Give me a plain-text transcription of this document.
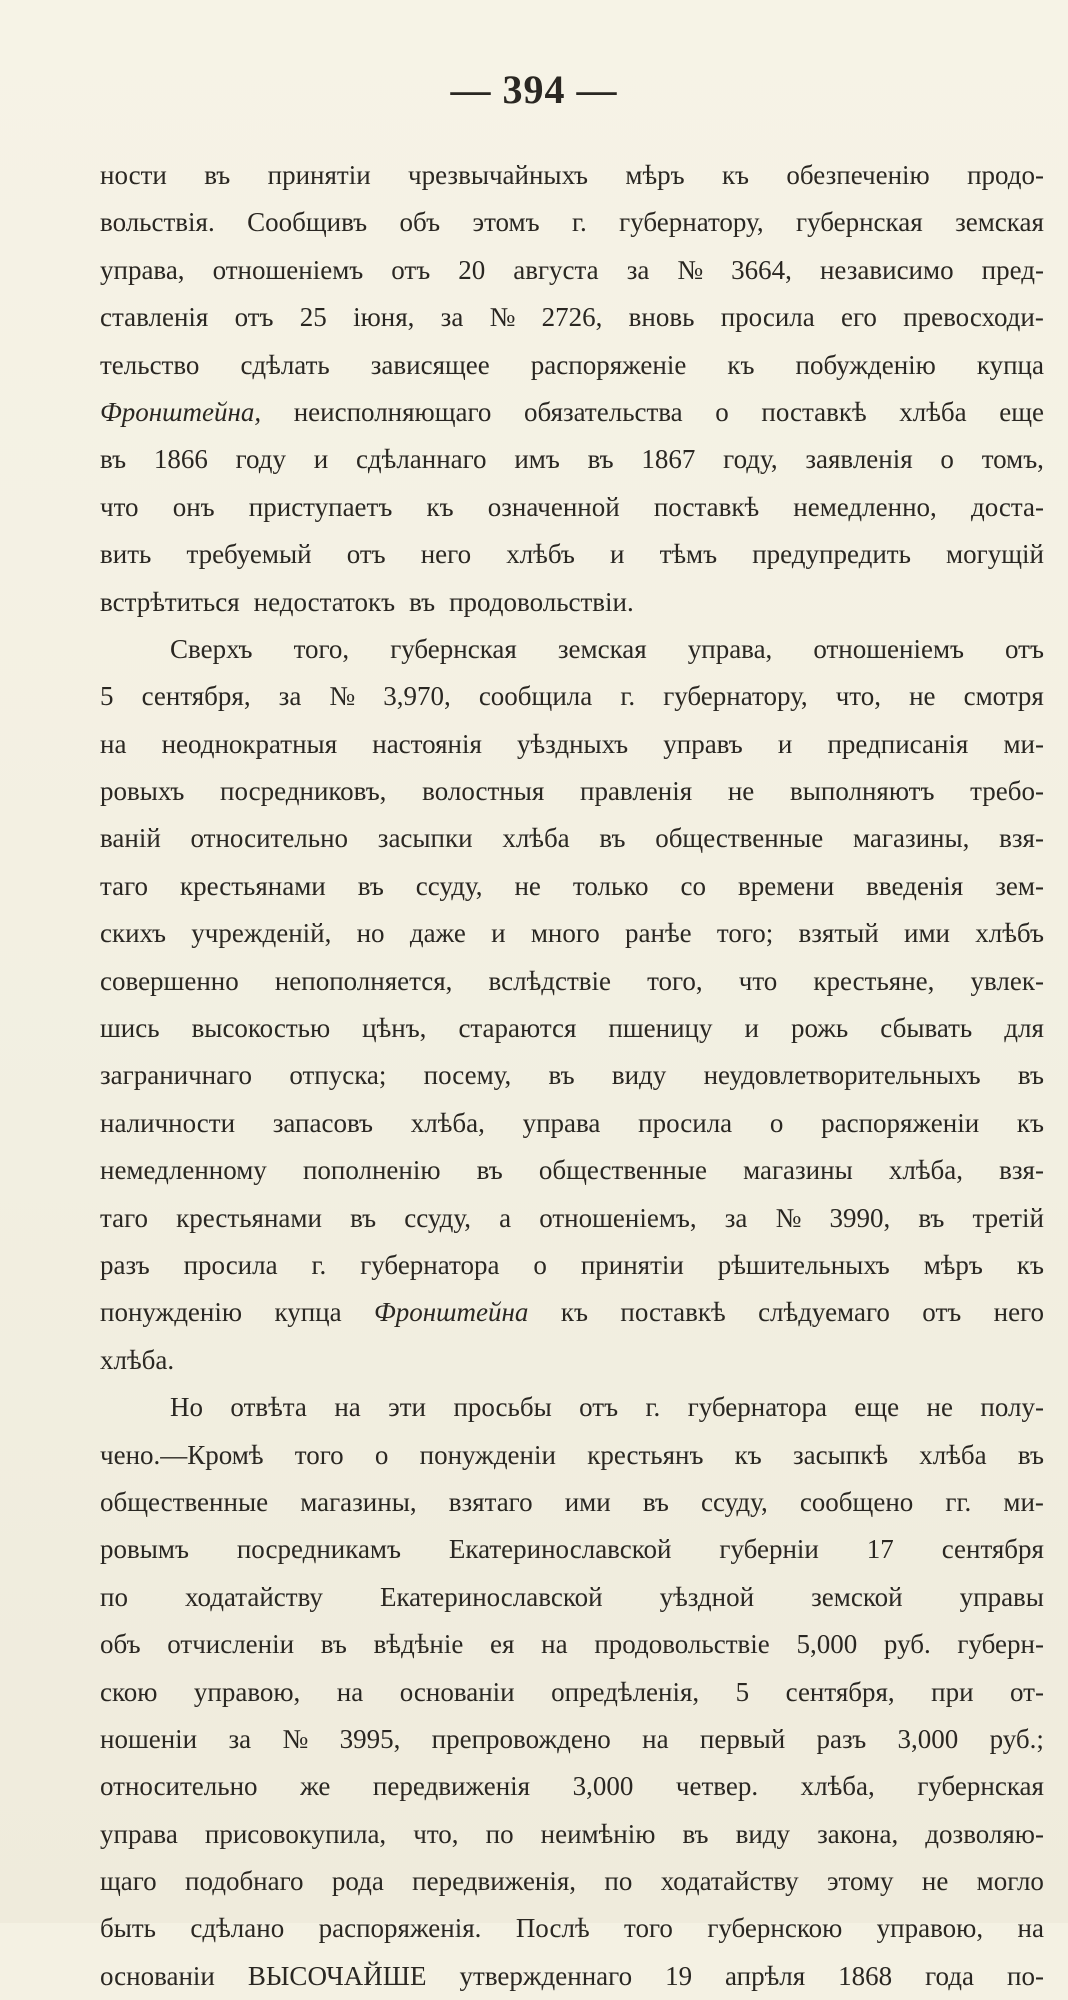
— 394 —
ности въ принятіи чрезвычайныхъ мѣръ къ обезпеченію продо-
вольствія. Сообщивъ объ этомъ г. губернатору, губернская земская
управа, отношеніемъ отъ 20 августа за № 3664, независимо пред-
ставленія отъ 25 іюня, за № 2726, вновь просила его превосходи-
тельство сдѣлать зависящее распоряженіе къ побужденію купца
Фронштейна, неисполняющаго обязательства о поставкѣ хлѣба еще
въ 1866 году и сдѣланнаго имъ въ 1867 году, заявленія о томъ,
что онъ приступаетъ къ означенной поставкѣ немедленно, доста-
вить требуемый отъ него хлѣбъ и тѣмъ предупредить могущій
встрѣтиться недостатокъ въ продовольствіи.
Сверхъ того, губернская земская управа, отношеніемъ отъ
5 сентября, за № 3,970, сообщила г. губернатору, что, не смотря
на неоднократныя настоянія уѣздныхъ управъ и предписанія ми-
ровыхъ посредниковъ, волостныя правленія не выполняютъ требо-
ваній относительно засыпки хлѣба въ общественные магазины, взя-
таго крестьянами въ ссуду, не только со времени введенія зем-
скихъ учрежденій, но даже и много ранѣе того; взятый ими хлѣбъ
совершенно непополняется, вслѣдствіе того, что крестьяне, увлек-
шись высокостью цѣнъ, стараются пшеницу и рожь сбывать для
заграничнаго отпуска; посему, въ виду неудовлетворительныхъ въ
наличности запасовъ хлѣба, управа просила о распоряженіи къ
немедленному пополненію въ общественные магазины хлѣба, взя-
таго крестьянами въ ссуду, а отношеніемъ, за № 3990, въ третій
разъ просила г. губернатора о принятіи рѣшительныхъ мѣръ къ
понужденію купца Фронштейна къ поставкѣ слѣдуемаго отъ него
хлѣба.
Но отвѣта на эти просьбы отъ г. губернатора еще не полу-
чено.—Кромѣ того о понужденіи крестьянъ къ засыпкѣ хлѣба въ
общественные магазины, взятаго ими въ ссуду, сообщено гг. ми-
ровымъ посредникамъ Екатеринославской губерніи 17 сентября
по ходатайству Екатеринославской уѣздной земской управы
объ отчисленіи въ вѣдѣніе ея на продовольствіе 5,000 руб. губерн-
скою управою, на основаніи опредѣленія, 5 сентября, при от-
ношеніи за № 3995, препровождено на первый разъ 3,000 руб.;
относительно же передвиженія 3,000 четвер. хлѣба, губернская
управа присовокупила, что, по неимѣнію въ виду закона, дозволяю-
щаго подобнаго рода передвиженія, по ходатайству этому не могло
быть сдѣлано распоряженія. Послѣ того губернскою управою, на
основаніи ВЫСОЧАЙШЕ утвержденнаго 19 апрѣля 1868 года по-
